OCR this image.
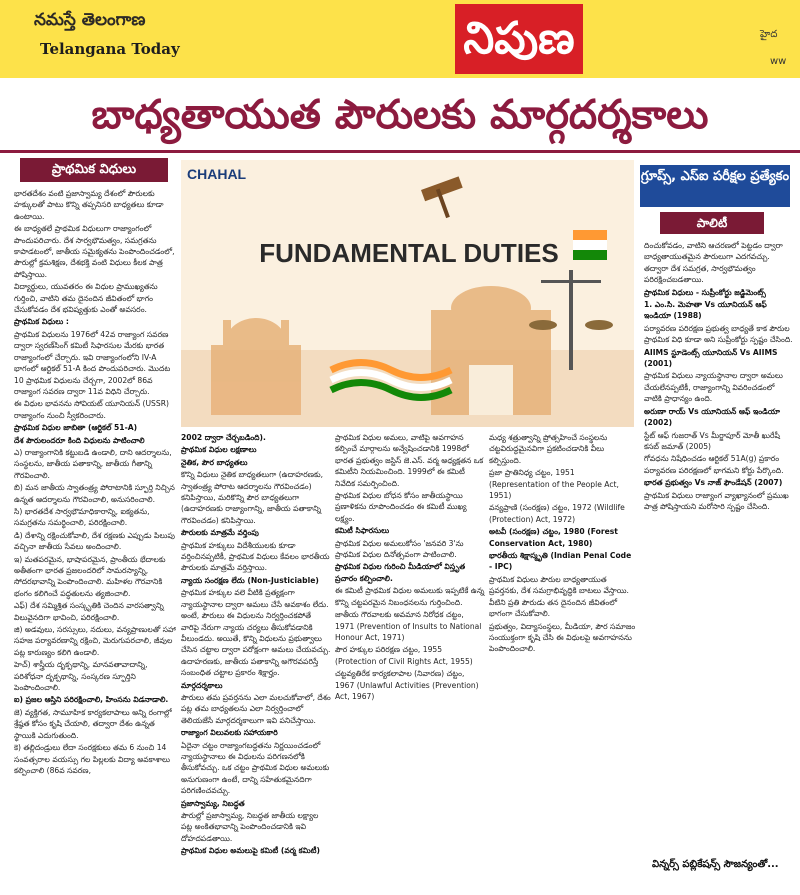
నమస్తే తెలంగాణ
Telangana Today	నిపుణ	హైద
ww
బాధ్యతాయుత పౌరులకు మార్గదర్శకాలు
ప్రాథమిక విధులు

భారతదేశం వంటి ప్రజాస్వామ్య దేశంలో పౌరులకు హక్కులతో పాటు కొన్ని తప్పనిసరి బాధ్యతలు కూడా ఉంటాయి.

ఈ బాధ్యతలే ప్రాథమిక విధులుగా రాజ్యాంగంలో పొందుపరిచారు. దేశ సార్వభౌమత్వం, సమగ్రతను కాపాడటంలో, జాతీయ సమైక్యతను పెంపొందించడంలో, పౌరుల్లో క్రమశిక్షణ, దేశభక్తి వంటి విధులు కీలక పాత్ర పోషిస్తాయి.

విద్యార్థులు, యువతరం ఈ విధుల ప్రాముఖ్యతను గుర్తించి, వాటిని తమ దైనందిన జీవితంలో భాగం చేసుకోవడం దేశ భవిష్యత్తుకు ఎంతో అవసరం.

ప్రాథమిక విధులు :

ప్రాథమిక విధులను 1976లో 42వ రాజ్యాంగ సవరణ ద్వారా స్వరణ్‌సింగ్ కమిటీ సిఫారసుల మేరకు భారత రాజ్యాంగంలో చేర్చారు. ఇవి రాజ్యాంగంలోని IV-A భాగంలో ఆర్టికల్ 51-A కింద పొందుపరిచారు. మొదట 10 ప్రాథమిక విధులను చేర్చగా, 2002లో 86వ రాజ్యాంగ సవరణ ద్వారా 11వ విధిని చేర్చారు.

ఈ విధుల భావనను సోవియట్ యూనియన్ (USSR) రాజ్యాంగం నుంచి స్వీకరించారు.

ప్రాథమిక విధుల జాబితా (ఆర్టికల్ 51-A)

దేశ పౌరులందరూ కింది విధులను పాటించాలి

ఎ) రాజ్యాంగానికి కట్టుబడి ఉండాలి, దాని ఆదర్శాలను, సంస్థలను, జాతీయ పతాకాన్ని, జాతీయ గీతాన్ని గౌరవించాలి.

బి) మన జాతీయ స్వాతంత్ర్య పోరాటానికి స్ఫూర్తి నిచ్చిన ఉన్నత ఆదర్శాలను గౌరవించాలి, అనుసరించాలి.

సి) భారతదేశ సార్వభౌమాధికారాన్ని, ఐక్యతను, సమగ్రతను సమర్థించాలి, పరిరక్షించాలి.

డి) దేశాన్ని రక్షించుకోవాలి, దేశ రక్షణకు ఎప్పుడు పిలుపు వచ్చినా జాతీయ సేవలు అందించాలి.

ఇ) మతపరమైన, భాషాపరమైన, ప్రాంతీయ భేదాలకు అతీతంగా భారత ప్రజలందరిలో సామరస్యాన్ని, సోదరభావాన్ని పెంపొందించాలి. మహిళల గౌరవానికి భంగం కలిగించే పద్ధతులను త్యజించాలి.

ఎఫ్) దేశ సమ్మిశ్రిత సంస్కృతికి చెందిన వారసత్వాన్ని విలువైనదిగా భావించి, పరిరక్షించాలి.

జి) అడవులు, సరస్సులు, నదులు, వన్యప్రాణులతో సహా సహజ పర్యావరణాన్ని రక్షించి, మెరుగుపరచాలి, జీవుల పట్ల కారుణ్యం కలిగి ఉండాలి.

హెచ్) శాస్త్రీయ దృక్పథాన్ని, మానవతావాదాన్ని, పరిశోధనా దృక్పథాన్ని, సంస్కరణ స్ఫూర్తిని పెంపొందించాలి.

ఐ) ప్రజల ఆస్తిని పరిరక్షించాలి, హింసను విడనాడాలి.

జె) వ్యక్తిగత, సామూహిక కార్యకలాపాలు అన్ని రంగాల్లో శ్రేష్ఠత కోసం కృషి చేయాలి, తద్వారా దేశం ఉన్నత స్థాయికి ఎదుగుతుంది.

కె) తల్లిదండ్రులు లేదా సంరక్షకులు తమ 6 నుంచి 14 సంవత్సరాల వయస్సు గల పిల్లలకు విద్యా అవకాశాలు కల్పించాలి (86వ సవరణ,

CHAHAL
FUNDAMENTAL DUTIES

2002 ద్వారా చేర్చబడింది).

ప్రాథమిక విధుల లక్షణాలు

నైతిక, పౌర బాధ్యతలు

కొన్ని విధులు నైతిక బాధ్యతలుగా (ఉదాహరణకు, స్వాతంత్ర్య పోరాట ఆదర్శాలను గౌరవించడం) కనిపిస్తాయి, మరికొన్ని పౌర బాధ్యతలుగా (ఉదాహరణకు రాజ్యాంగాన్ని, జాతీయ పతాకాన్ని గౌరవించడం) కనిపిస్తాయి.

పౌరులకు మాత్రమే వర్తింపు

ప్రాథమిక హక్కులు విదేశీయులకు కూడా వర్తించినప్పటికీ, ప్రాథమిక విధులు కేవలం భారతీయ పౌరులకు మాత్రమే వర్తిస్తాయి.

న్యాయ సంరక్షణ లేదు (Non-Justiciable)

ప్రాథమిక హక్కుల వలె వీటికి ప్రత్యక్షంగా న్యాయస్థానాల ద్వారా అమలు చేసే అవకాశం లేదు. అంటే, పౌరులు ఈ విధులను నిర్వర్తించకపోతే వారిపై నేరుగా న్యాయ చర్యలు తీసుకోవడానికి వీలుండదు. అయితే, కొన్ని విధులను ప్రభుత్వాలు చేసిన చట్టాల ద్వారా పరోక్షంగా అమలు చేయవచ్చు. ఉదాహరణకు, జాతీయ పతాకాన్ని అగౌరవపరిస్తే సంబంధిత చట్టాల ప్రకారం శిక్షార్హం.

మార్గదర్శకాలు

పౌరులు తమ ప్రవర్తనను ఎలా మలచుకోవాలో, దేశం పట్ల తమ బాధ్యతలను ఎలా నిర్వర్తించాలో తెలియజేసే మార్గదర్శకాలుగా ఇవి పనిచేస్తాయి.

రాజ్యాంగ విలువలకు సహాయకారి

ఏదైనా చట్టం రాజ్యాంగబద్ధతను నిర్ణయించడంలో న్యాయస్థానాలు ఈ విధులను పరిగణనలోకి తీసుకోవచ్చు. ఒక చట్టం ప్రాథమిక విధుల అమలుకు అనుగుణంగా ఉంటే, దాన్ని సహేతుకమైనదిగా పరిగణించవచ్చు.

ప్రజాస్వామ్య, నిబద్ధత

పౌరుల్లో ప్రజాస్వామ్య, నిబద్ధత జాతీయ లక్ష్యాల పట్ల అంకితభావాన్ని పెంపొందించడానికి ఇవి దోహదపడతాయి.

ప్రాథమిక విధుల అమలుపై కమిటీ (వర్మ కమిటీ)

ప్రాథమిక విధుల అమలు, వాటిపై అవగాహన కల్పించే మార్గాలను అన్వేషించడానికి 1998లో భారత ప్రభుత్వం జస్టిస్ జె.ఎస్. వర్మ అధ్యక్షతన ఒక కమిటీని నియమించింది. 1999లో ఈ కమిటీ నివేదిక సమర్పించింది.

ప్రాథమిక విధుల బోధన కోసం జాతీయస్థాయి ప్రణాళికను రూపొందించడం ఈ కమిటీ ముఖ్య లక్ష్యం.

కమిటీ సిఫారసులు

ప్రాథమిక విధుల అమలుకోసం 'జనవరి 3'ను ప్రాథమిక విధుల దినోత్సవంగా పాటించాలి.

ప్రాథమిక విధుల గురించి మీడియాలో విస్తృత ప్రచారం కల్పించాలి.

ఈ కమిటీ ప్రాథమిక విధుల అమలుకు ఇప్పటికే ఉన్న కొన్ని చట్టపరమైన నిబంధనలను గుర్తించింది.

జాతీయ గౌరవాలకు అవమాన నిరోధక చట్టం, 1971 (Prevention of Insults to National Honour Act, 1971)

పౌర హక్కుల పరిరక్షణ చట్టం, 1955 (Protection of Civil Rights Act, 1955)

చట్టవ్యతిరేక కార్యకలాపాల (నివారణ) చట్టం, 1967 (Unlawful Activities (Prevention) Act, 1967)

మధ్య శత్రుత్వాన్ని ప్రోత్సహించే సంస్థలను చట్టవిరుద్ధమైనవిగా ప్రకటించడానికి వీలు కల్పిస్తుంది.

ప్రజా ప్రాతినిధ్య చట్టం, 1951 (Representation of the People Act, 1951)

వన్యప్రాణి (సంరక్షణ) చట్టం, 1972 (Wildlife (Protection) Act, 1972)

అటవీ (సంరక్షణ) చట్టం, 1980 (Forest Conservation Act, 1980)

భారతీయ శిక్షాస్మృతి (Indian Penal Code - IPC)

ప్రాథమిక విధులు పౌరుల బాధ్యతాయుత ప్రవర్తనకు, దేశ సమగ్రాభివృద్ధికి బాటలు వేస్తాయి. వీటిని ప్రతి పౌరుడు తన దైనందిన జీవితంలో భాగంగా చేసుకోవాలి.

ప్రభుత్వం, విద్యాసంస్థలు, మీడియా, పౌర సమాజం సంయుక్తంగా కృషి చేసి ఈ విధులపై అవగాహనను పెంపొందించాలి.

గ్రూప్స్, ఎస్‌ఐ పరీక్షల ప్రత్యేకం
పాలిటీ

దించుకోవడం, వాటిని ఆచరణలో పెట్టడం ద్వారా బాధ్యతాయుతమైన పౌరులుగా ఎదగవచ్చు. తద్వారా దేశ సమగ్రత, సార్వభౌమత్వం పరిరక్షించబడతాయి.

ప్రాథమిక విధులు - సుప్రీంకోర్టు జడ్జిమెంట్స్

1. ఎం.సి. మెహతా Vs యూనియన్ ఆఫ్ ఇండియా (1988)

పర్యావరణ పరిరక్షణ ప్రభుత్వ బాధ్యతే కాక పౌరుల ప్రాథమిక విధి కూడా అని సుప్రీంకోర్టు స్పష్టం చేసింది.

AIIMS స్టూడెంట్స్ యూనియన్ Vs AIIMS (2001)

ప్రాథమిక విధులు న్యాయస్థానాల ద్వారా అమలు చేయలేనప్పటికీ, రాజ్యాంగాన్ని వివరించడంలో వాటికి ప్రాధాన్యం ఉంది.

అరుణా రాయ్ Vs యూనియన్ ఆఫ్ ఇండియా (2002)

స్టేట్ ఆఫ్ గుజరాత్ Vs మీర్జాపూర్ మోతీ ఖురేషీ కసబ్ జమాత్ (2005)

గోవధను నిషేధించడం ఆర్టికల్ 51A(g) ప్రకారం పర్యావరణ పరిరక్షణలో భాగమని కోర్టు పేర్కొంది.

భారత ప్రభుత్వం Vs నాజ్ ఫౌండేషన్ (2007)

ప్రాథమిక విధులు రాజ్యాంగ వ్యాఖ్యానంలో ప్రముఖ పాత్ర పోషిస్తాయని మరోసారి స్పష్టం చేసింది.

విన్నర్స్ పబ్లికేషన్స్ సౌజన్యంతో...
